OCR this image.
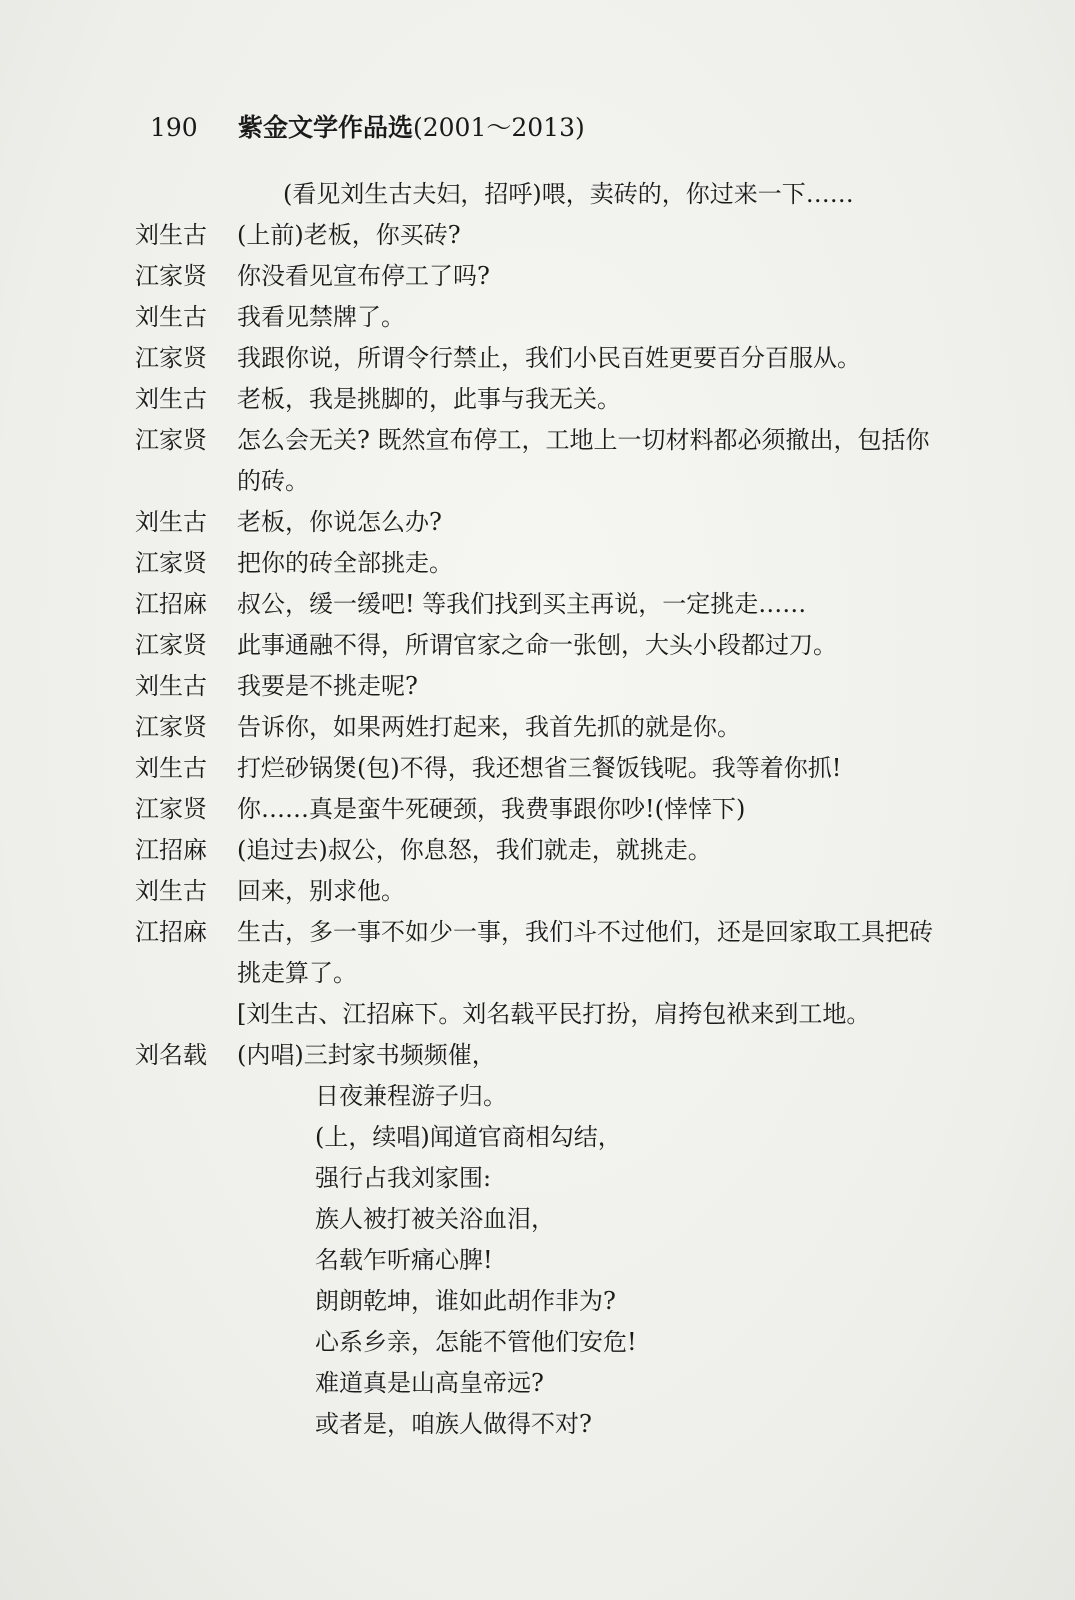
190 紫金文学作品选(2001～2013)
(看见刘生古夫妇，招呼)喂，卖砖的，你过来一下……
刘生古 (上前)老板，你买砖?
江家贤 你没看见宣布停工了吗?
刘生古 我看见禁牌了。
江家贤 我跟你说，所谓令行禁止，我们小民百姓更要百分百服从。
刘生古 老板，我是挑脚的，此事与我无关。
江家贤 怎么会无关? 既然宣布停工，工地上一切材料都必须撤出，包括你
的砖。
刘生古 老板，你说怎么办?
江家贤 把你的砖全部挑走。
江招麻 叔公，缓一缓吧! 等我们找到买主再说，一定挑走……
江家贤 此事通融不得，所谓官家之命一张刨，大头小段都过刀。
刘生古 我要是不挑走呢?
江家贤 告诉你，如果两姓打起来，我首先抓的就是你。
刘生古 打烂砂锅煲(包)不得，我还想省三餐饭钱呢。我等着你抓!
江家贤 你……真是蛮牛死硬颈，我费事跟你吵!(悻悻下)
江招麻 (追过去)叔公，你息怒，我们就走，就挑走。
刘生古 回来，别求他。
江招麻 生古，多一事不如少一事，我们斗不过他们，还是回家取工具把砖
挑走算了。
[刘生古、江招麻下。刘名载平民打扮，肩挎包袱来到工地。
刘名载 (内唱)三封家书频频催，
日夜兼程游子归。
(上，续唱)闻道官商相勾结，
强行占我刘家围:
族人被打被关浴血泪，
名载乍听痛心脾!
朗朗乾坤，谁如此胡作非为?
心系乡亲，怎能不管他们安危!
难道真是山高皇帝远?
或者是，咱族人做得不对?
